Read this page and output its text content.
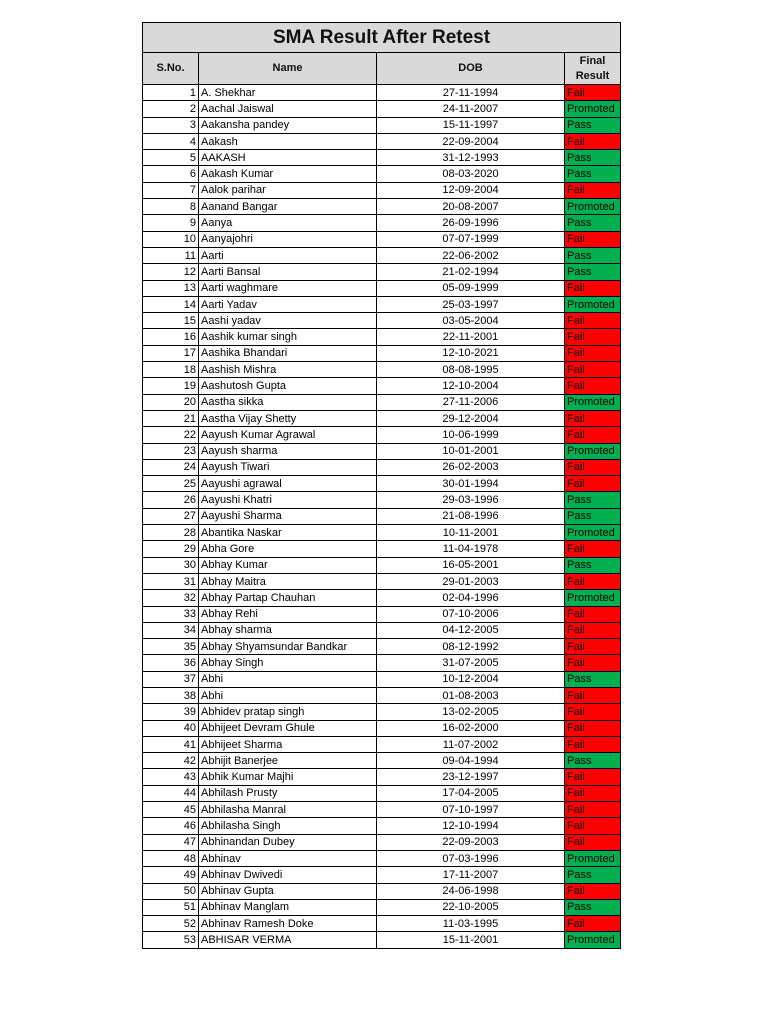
SMA Result After Retest			
S.No.	Name	DOB	Final
Result
1	A. Shekhar	27-11-1994	Fail
2	Aachal Jaiswal	24-11-2007	Promoted
3	Aakansha pandey	15-11-1997	Pass
4	Aakash	22-09-2004	Fail
5	AAKASH	31-12-1993	Pass
6	Aakash Kumar	08-03-2020	Pass
7	Aalok parihar	12-09-2004	Fail
8	Aanand Bangar	20-08-2007	Promoted
9	Aanya	26-09-1996	Pass
10	Aanyajohri	07-07-1999	Fail
11	Aarti	22-06-2002	Pass
12	Aarti Bansal	21-02-1994	Pass
13	Aarti waghmare	05-09-1999	Fail
14	Aarti Yadav	25-03-1997	Promoted
15	Aashi yadav	03-05-2004	Fail
16	Aashik kumar singh	22-11-2001	Fail
17	Aashika Bhandari	12-10-2021	Fail
18	Aashish Mishra	08-08-1995	Fail
19	Aashutosh Gupta	12-10-2004	Fail
20	Aastha sikka	27-11-2006	Promoted
21	Aastha Vijay Shetty	29-12-2004	Fail
22	Aayush Kumar Agrawal	10-06-1999	Fail
23	Aayush sharma	10-01-2001	Promoted
24	Aayush Tiwari	26-02-2003	Fail
25	Aayushi agrawal	30-01-1994	Fail
26	Aayushi Khatri	29-03-1996	Pass
27	Aayushi Sharma	21-08-1996	Pass
28	Abantika Naskar	10-11-2001	Promoted
29	Abha Gore	11-04-1978	Fail
30	Abhay Kumar	16-05-2001	Pass
31	Abhay Maitra	29-01-2003	Fail
32	Abhay Partap Chauhan	02-04-1996	Promoted
33	Abhay Rehi	07-10-2006	Fail
34	Abhay sharma	04-12-2005	Fail
35	Abhay Shyamsundar Bandkar	08-12-1992	Fail
36	Abhay Singh	31-07-2005	Fail
37	Abhi	10-12-2004	Pass
38	Abhi	01-08-2003	Fail
39	Abhidev pratap singh	13-02-2005	Fail
40	Abhijeet Devram Ghule	16-02-2000	Fail
41	Abhijeet Sharma	11-07-2002	Fail
42	Abhijit Banerjee	09-04-1994	Pass
43	Abhik Kumar Majhi	23-12-1997	Fail
44	Abhilash Prusty	17-04-2005	Fail
45	Abhilasha Manral	07-10-1997	Fail
46	Abhilasha Singh	12-10-1994	Fail
47	Abhinandan Dubey	22-09-2003	Fail
48	Abhinav	07-03-1996	Promoted
49	Abhinav Dwivedi	17-11-2007	Pass
50	Abhinav Gupta	24-06-1998	Fail
51	Abhinav Manglam	22-10-2005	Pass
52	Abhinav Ramesh Doke	11-03-1995	Fail
53	ABHISAR VERMA	15-11-2001	Promoted
